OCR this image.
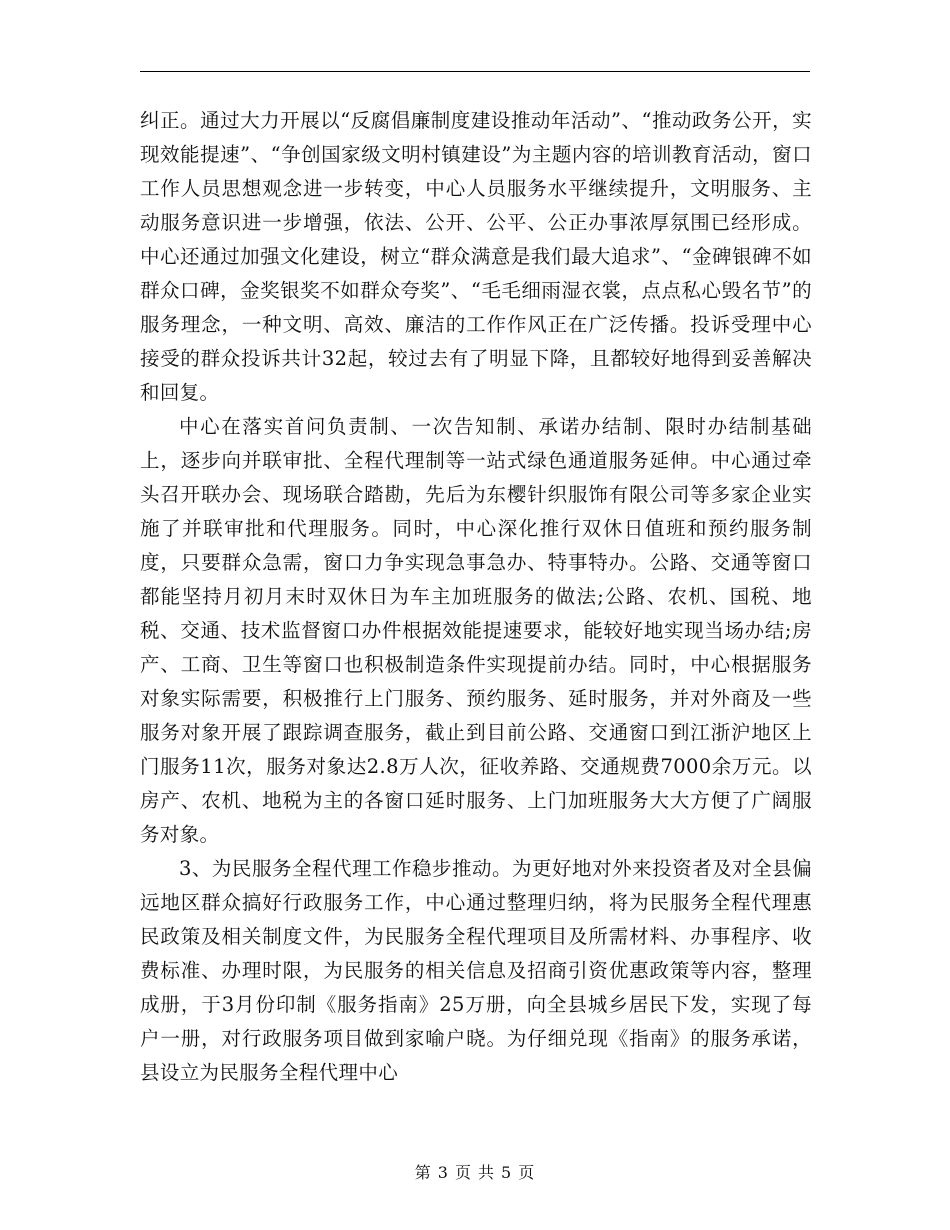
纠正。通过大力开展以“反腐倡廉制度建设推动年活动”、“推动政务公开，实现效能提速”、“争创国家级文明村镇建设”为主题内容的培训教育活动，窗口工作人员思想观念进一步转变，中心人员服务水平继续提升，文明服务、主动服务意识进一步增强，依法、公开、公平、公正办事浓厚氛围已经形成。中心还通过加强文化建设，树立“群众满意是我们最大追求”、“金碑银碑不如群众口碑，金奖银奖不如群众夸奖”、“毛毛细雨湿衣裳，点点私心毁名节”的服务理念，一种文明、高效、廉洁的工作作风正在广泛传播。投诉受理中心接受的群众投诉共计32起，较过去有了明显下降，且都较好地得到妥善解决和回复。

中心在落实首问负责制、一次告知制、承诺办结制、限时办结制基础上，逐步向并联审批、全程代理制等一站式绿色通道服务延伸。中心通过牵头召开联办会、现场联合踏勘，先后为东樱针织服饰有限公司等多家企业实施了并联审批和代理服务。同时，中心深化推行双休日值班和预约服务制度，只要群众急需，窗口力争实现急事急办、特事特办。公路、交通等窗口都能坚持月初月末时双休日为车主加班服务的做法;公路、农机、国税、地税、交通、技术监督窗口办件根据效能提速要求，能较好地实现当场办结;房产、工商、卫生等窗口也积极制造条件实现提前办结。同时，中心根据服务对象实际需要，积极推行上门服务、预约服务、延时服务，并对外商及一些服务对象开展了跟踪调查服务，截止到目前公路、交通窗口到江浙沪地区上门服务11次，服务对象达2.8万人次，征收养路、交通规费7000余万元。以房产、农机、地税为主的各窗口延时服务、上门加班服务大大方便了广阔服务对象。

3、为民服务全程代理工作稳步推动。为更好地对外来投资者及对全县偏远地区群众搞好行政服务工作，中心通过整理归纳，将为民服务全程代理惠民政策及相关制度文件，为民服务全程代理项目及所需材料、办事程序、收费标准、办理时限，为民服务的相关信息及招商引资优惠政策等内容，整理成册，于3月份印制《服务指南》25万册，向全县城乡居民下发，实现了每户一册，对行政服务项目做到家喻户晓。为仔细兑现《指南》的服务承诺，县设立为民服务全程代理中心

第 3 页 共 5 页
